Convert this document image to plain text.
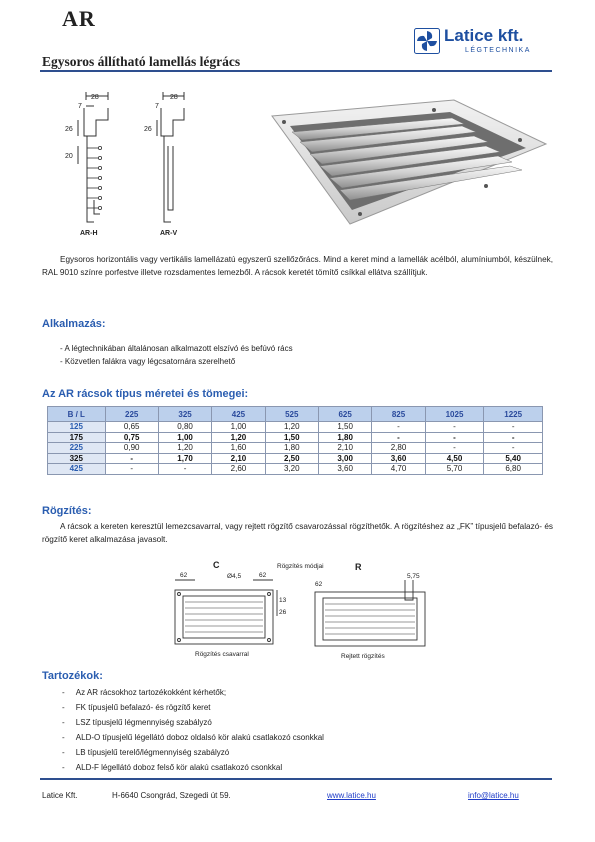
AR
Egysoros állítható lamellás légrács
Latice kft.
LÉGTECHNIKA
28
7
26
20
AR-H
28
7
26
AR-V
Egysoros horizontális vagy vertikális lamellázatú egyszerű szellőzőrács. Mind a keret mind a lamellák acélból, alumíniumból, készülnek, RAL 9010 színre porfestve illetve rozsdamentes lemezből. A rácsok keretét tömítő csíkkal ellátva szállítjuk.
Alkalmazás:
- A légtechnikában általánosan alkalmazott elszívó és befúvó rács
- Közvetlen falákra vagy légcsatornára szerelhető
Az AR rácsok típus méretei és tömegei:
B / L	225	325	425	525	625	825	1025	1225
125	0,65	0,80	1,00	1,20	1,50	-	-	-
175	0,75	1,00	1,20	1,50	1,80	-	-	-
225	0,90	1,20	1,60	1,80	2,10	2,80	-	-
325	-	1,70	2,10	2,50	3,00	3,60	4,50	5,40
425	-	-	2,60	3,20	3,60	4,70	5,70	6,80
Rögzítés:
A rácsok a kereten keresztül lemezcsavarral, vagy rejtett rögzítő csavarozással rögzíthetők. A rögzítéshez az „FK” típusjelű befalazó- és rögzítő keret alkalmazása javasolt.
C	R
Ø4,5
62	62
13
26
62
5,75
Rögzítés módjai
Rögzítés csavarral	Rejtett rögzítés
Tartozékok:
-     Az AR rácsokhoz tartozékokként kérhetők;
-     FK típusjelű befalazó- és rögzítő keret
-     LSZ típusjelű légmennyiség szabályzó
-     ALD-O típusjelű légellátó doboz oldalsó kör alakú csatlakozó csonkkal
-     LB típusjelű terelő/légmennyiség szabályzó
-     ALD-F légellátó doboz felső kör alakú csatlakozó csonkkal
Latice Kft.	H-6640 Csongrád, Szegedi út 59.	www.latice.hu	info@latice.hu
